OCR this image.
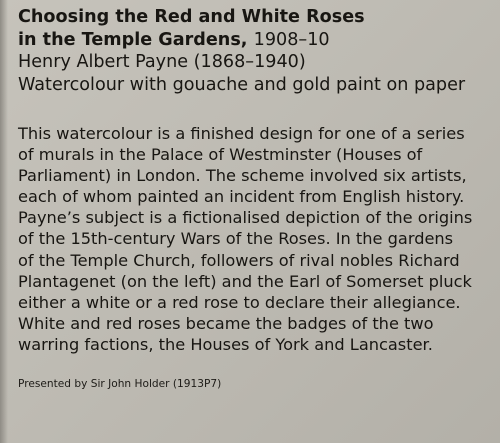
Choosing the Red and White Roses
in the Temple Gardens, 1908–10

Henry Albert Payne (1868–1940)

Watercolour with gouache and gold paint on paper

This watercolour is a finished design for one of a series
of murals in the Palace of Westminster (Houses of
Parliament) in London. The scheme involved six artists,
each of whom painted an incident from English history.
Payne’s subject is a fictionalised depiction of the origins
of the 15th-century Wars of the Roses. In the gardens
of the Temple Church, followers of rival nobles Richard
Plantagenet (on the left) and the Earl of Somerset pluck
either a white or a red rose to declare their allegiance.
White and red roses became the badges of the two
warring factions, the Houses of York and Lancaster.

Presented by Sir John Holder (1913P7)
